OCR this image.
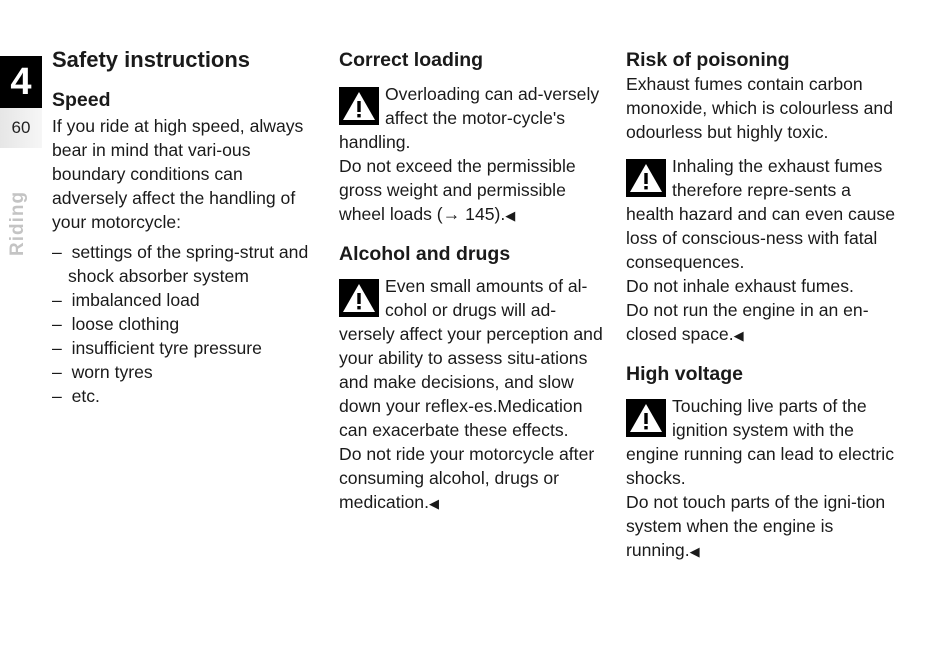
4
60
Riding
Safety instructions
Speed

If you ride at high speed, always bear in mind that vari-ous boundary conditions can adversely affect the handling of your motorcycle:

–  settings of the spring-strut and shock absorber system
–  imbalanced load
–  loose clothing
–  insufficient tyre pressure
–  worn tyres
–  etc.
Correct loading

Overloading can ad-versely affect the motor-cycle's handling.

Do not exceed the permissible gross weight and permissible wheel loads (→ 145).◀

Alcohol and drugs

Even small amounts of al-cohol or drugs will ad-versely affect your perception and your ability to assess situ-ations and make decisions, and slow down your reflex-es.Medication can exacerbate these effects.

Do not ride your motorcycle after consuming alcohol, drugs or medication.◀

Risk of poisoning

Exhaust fumes contain carbon monoxide, which is colourless and odourless but highly toxic.

Inhaling the exhaust fumes therefore repre-sents a health hazard and can even cause loss of conscious-ness with fatal consequences.

Do not inhale exhaust fumes.

Do not run the engine in an en-closed space.◀

High voltage

Touching live parts of the ignition system with the engine running can lead to electric shocks.

Do not touch parts of the igni-tion system when the engine is running.◀
